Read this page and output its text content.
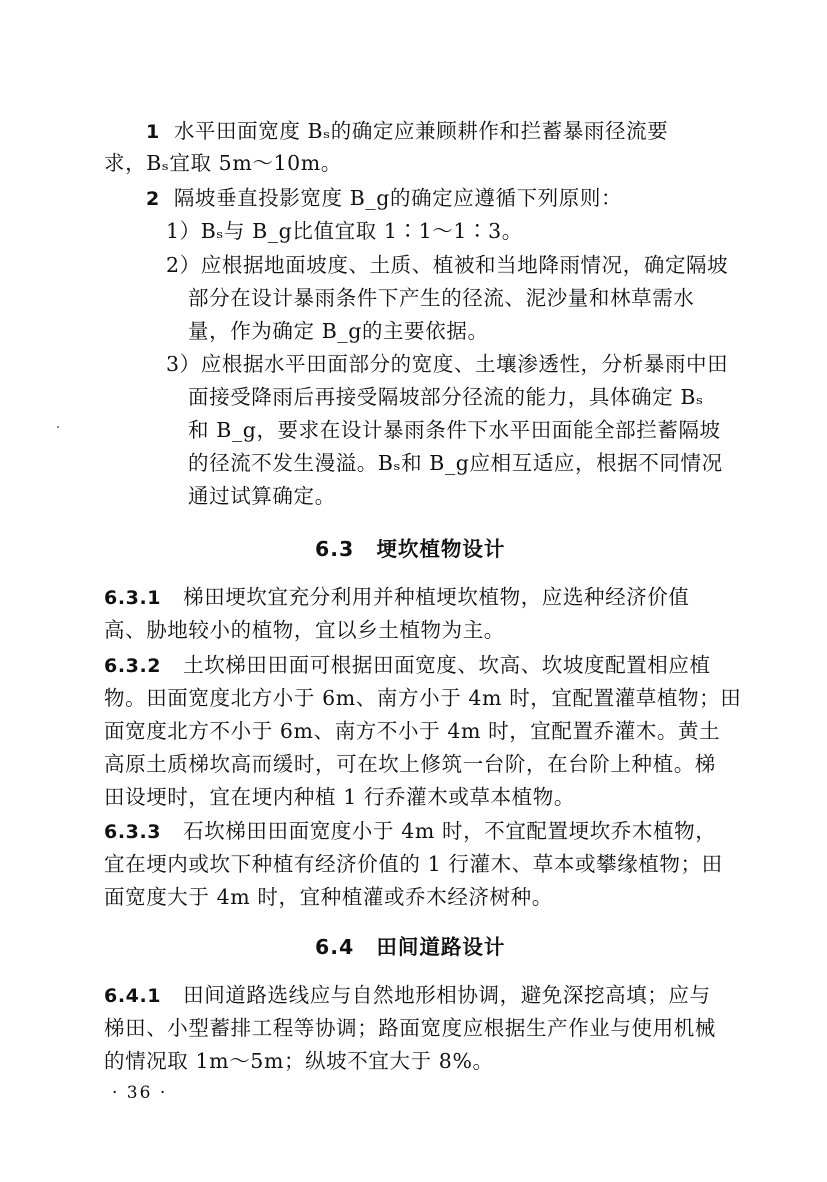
1 水平田面宽度 Bₛ的确定应兼顾耕作和拦蓄暴雨径流要
求，Bₛ宜取 5m～10m。
2 隔坡垂直投影宽度 B_g的确定应遵循下列原则：
1）Bₛ与 B_g比值宜取 1∶1～1∶3。
2）应根据地面坡度、土质、植被和当地降雨情况，确定隔坡
部分在设计暴雨条件下产生的径流、泥沙量和林草需水
量，作为确定 B_g的主要依据。
3）应根据水平田面部分的宽度、土壤渗透性，分析暴雨中田
面接受降雨后再接受隔坡部分径流的能力，具体确定 Bₛ
和 B_g，要求在设计暴雨条件下水平田面能全部拦蓄隔坡
的径流不发生漫溢。Bₛ和 B_g应相互适应，根据不同情况
通过试算确定。
6.3 埂坎植物设计
6.3.1 梯田埂坎宜充分利用并种植埂坎植物，应选种经济价值
高、胁地较小的植物，宜以乡土植物为主。
6.3.2 土坎梯田田面可根据田面宽度、坎高、坎坡度配置相应植
物。田面宽度北方小于 6m、南方小于 4m 时，宜配置灌草植物；田
面宽度北方不小于 6m、南方不小于 4m 时，宜配置乔灌木。黄土
高原土质梯坎高而缓时，可在坎上修筑一台阶，在台阶上种植。梯
田设埂时，宜在埂内种植 1 行乔灌木或草本植物。
6.3.3 石坎梯田田面宽度小于 4m 时，不宜配置埂坎乔木植物，
宜在埂内或坎下种植有经济价值的 1 行灌木、草本或攀缘植物；田
面宽度大于 4m 时，宜种植灌或乔木经济树种。
6.4 田间道路设计
6.4.1 田间道路选线应与自然地形相协调，避免深挖高填；应与
梯田、小型蓄排工程等协调；路面宽度应根据生产作业与使用机械
的情况取 1m～5m；纵坡不宜大于 8%。
· 36 ·
